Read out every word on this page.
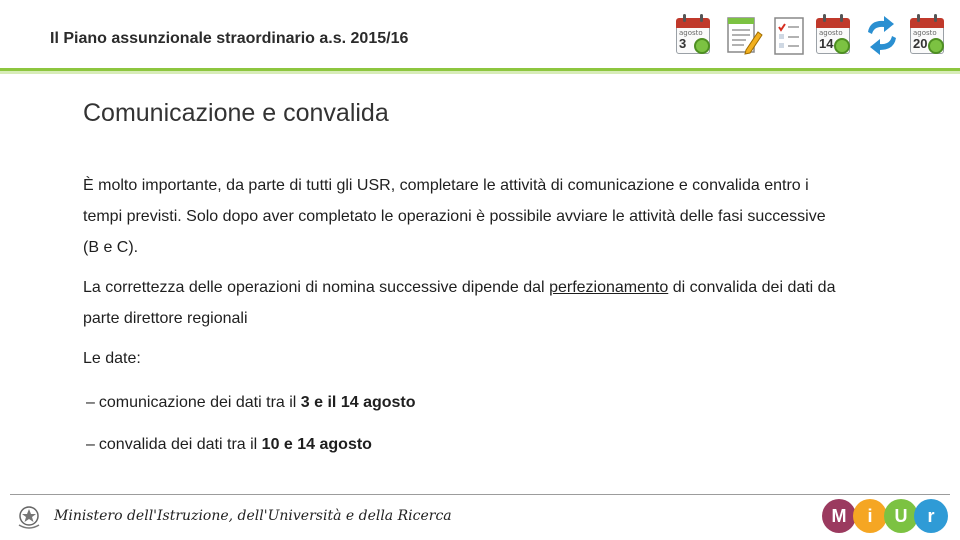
Il Piano assunzionale straordinario a.s. 2015/16	agosto
3
agosto
14
agosto
20
Comunicazione e convalida
È molto importante, da parte di tutti gli USR, completare le attività di comunicazione e convalida entro i tempi previsti. Solo dopo aver completato le operazioni è possibile avviare le attività delle fasi successive (B e C).
La correttezza delle operazioni di nomina successive dipende dal perfezionamento di convalida dei dati da parte direttore regionali
Le date:
– comunicazione dei dati tra il 3 e il 14 agosto
– convalida dei dati tra il 10 e 14 agosto
Ministero dell'Istruzione, dell'Università e della Ricerca	M	i	U	r
